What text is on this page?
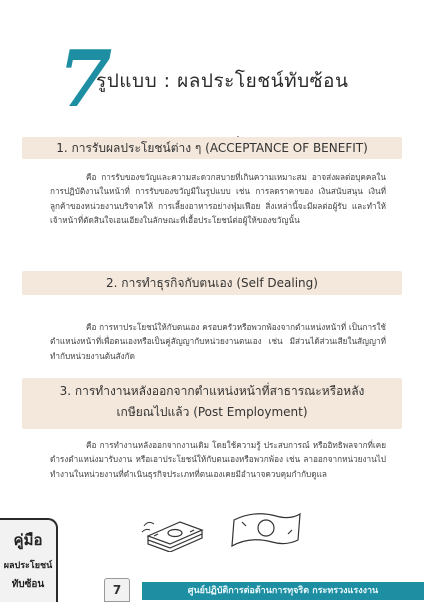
7
รูปแบบ : ผลประโยชน์ทับซ้อน
1. การรับผลประโยชน์ต่าง ๆ (ACCEPTANCE OF BENEFIT)
คือ การรับของขวัญและความสะดวกสบายที่เกินความเหมาะสม อาจส่งผลต่อบุคคลในการปฏิบัติงานในหน้าที่ การรับของขวัญมีในรูปแบบ เช่น การลดราคาของ เงินสนับสนุน เงินที่ลูกค้าของหน่วยงานบริจาคให้ การเลี้ยงอาหารอย่างฟุ่มเฟือย สิ่งเหล่านี้จะมีผลต่อผู้รับ และทำให้เจ้าหน้าที่ตัดสินใจเอนเอียงในลักษณะที่เอื้อประโยชน์ต่อผู้ให้ของขวัญนั้น
2. การทำธุรกิจกับตนเอง (Self Dealing)
คือ การหาประโยชน์ให้กับตนเอง ครอบครัวหรือพวกพ้องจากตำแหน่งหน้าที่ เป็นการใช้ตำแหน่งหน้าที่เพื่อตนเองหรือเป็นคู่สัญญากับหน่วยงานตนเอง เช่น มีส่วนได้ส่วนเสียในสัญญาที่ทำกับหน่วยงานต้นสังกัด
3. การทำงานหลังออกจากตำแหน่งหน้าที่สาธารณะหรือหลัง
เกษียณไปแล้ว (Post Employment)
คือ การทำงานหลังออกจากงานเดิม โดยใช้ความรู้ ประสบการณ์ หรืออิทธิพลจากที่เคยดำรงตำแหน่งมารับงาน หรือเอาประโยชน์ให้กับตนเองหรือพวกพ้อง เช่น ลาออกจากหน่วยงานไปทำงานในหน่วยงานที่ดำเนินธุรกิจประเภทที่ตนเองเคยมีอำนาจควบคุมกำกับดูแล
คู่มือ
ผลประโยชน์
ทับซ้อน	7	ศูนย์ปฏิบัติการต่อต้านการทุจริต กระทรวงแรงงาน
